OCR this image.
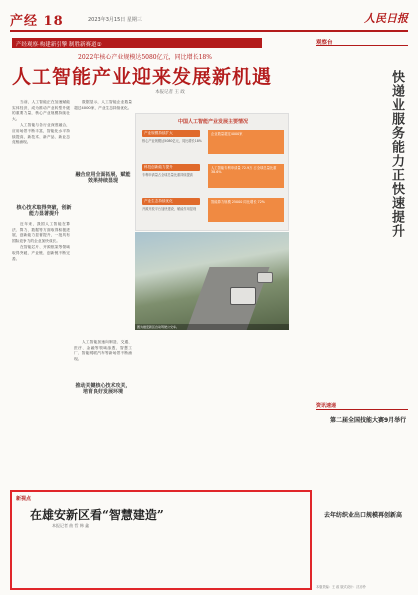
产经 18	2023年3月15日 星期三	人民日报
产经观察·构建新引擎 制胜新赛道①
2022年核心产业规模达5080亿元，同比增长18%
人工智能产业迎来发展新机遇
本报记者 王 政

当前，人工智能正在加速赋能实体经济，成为推动产业转型升级的重要力量，核心产业规模持续壮大。

人工智能与各行业深度融合，应用场景不断丰富，智能化水平持续提高，新技术、新产品、新业态竞相涌现。

核心技术取得突破，创新能力显著提升

近年来，我国人工智能在算法、算力、数据等方面取得积极进展，创新能力显著提升，一批具有国际竞争力的企业加快成长。

在智能芯片、开源框架等领域取得突破，产业链、创新链不断完善。

数据显示，人工智能企业数量超过4000家，产业生态持续优化。

融合应用全面拓展，赋能效果持续显现

人工智能加速向制造、交通、医疗、金融等领域渗透，智慧工厂、智能网联汽车等新场景不断涌现。

推动关键核心技术攻关，培育良好发展环境
中国人工智能产业发展主要情况
产业规模持续扩大
核心产业规模达5080亿元，同比增长18%
企业数量超过4000家
科技创新能力提升
专利申请量占全球总量比重持续提高
人工智能专利申请量 72.9万 占全球总量比重 38.6%
产业生态持续优化
开源开放平台加快建设，赋能作用显现
智能算力规模 25000 同比增长 72%
图为雄安新区自动驾驶公交车。
观察台
快递业服务能力正快速提升
资讯速递
第二届全国技能大赛9月举行
去年纺织业出口规模再创新高
新视点
在雄安新区看“智慧建造”
本报记者 曲 哲 韩 鑫
本版责编：王 政 版式设计：沈亦伶
